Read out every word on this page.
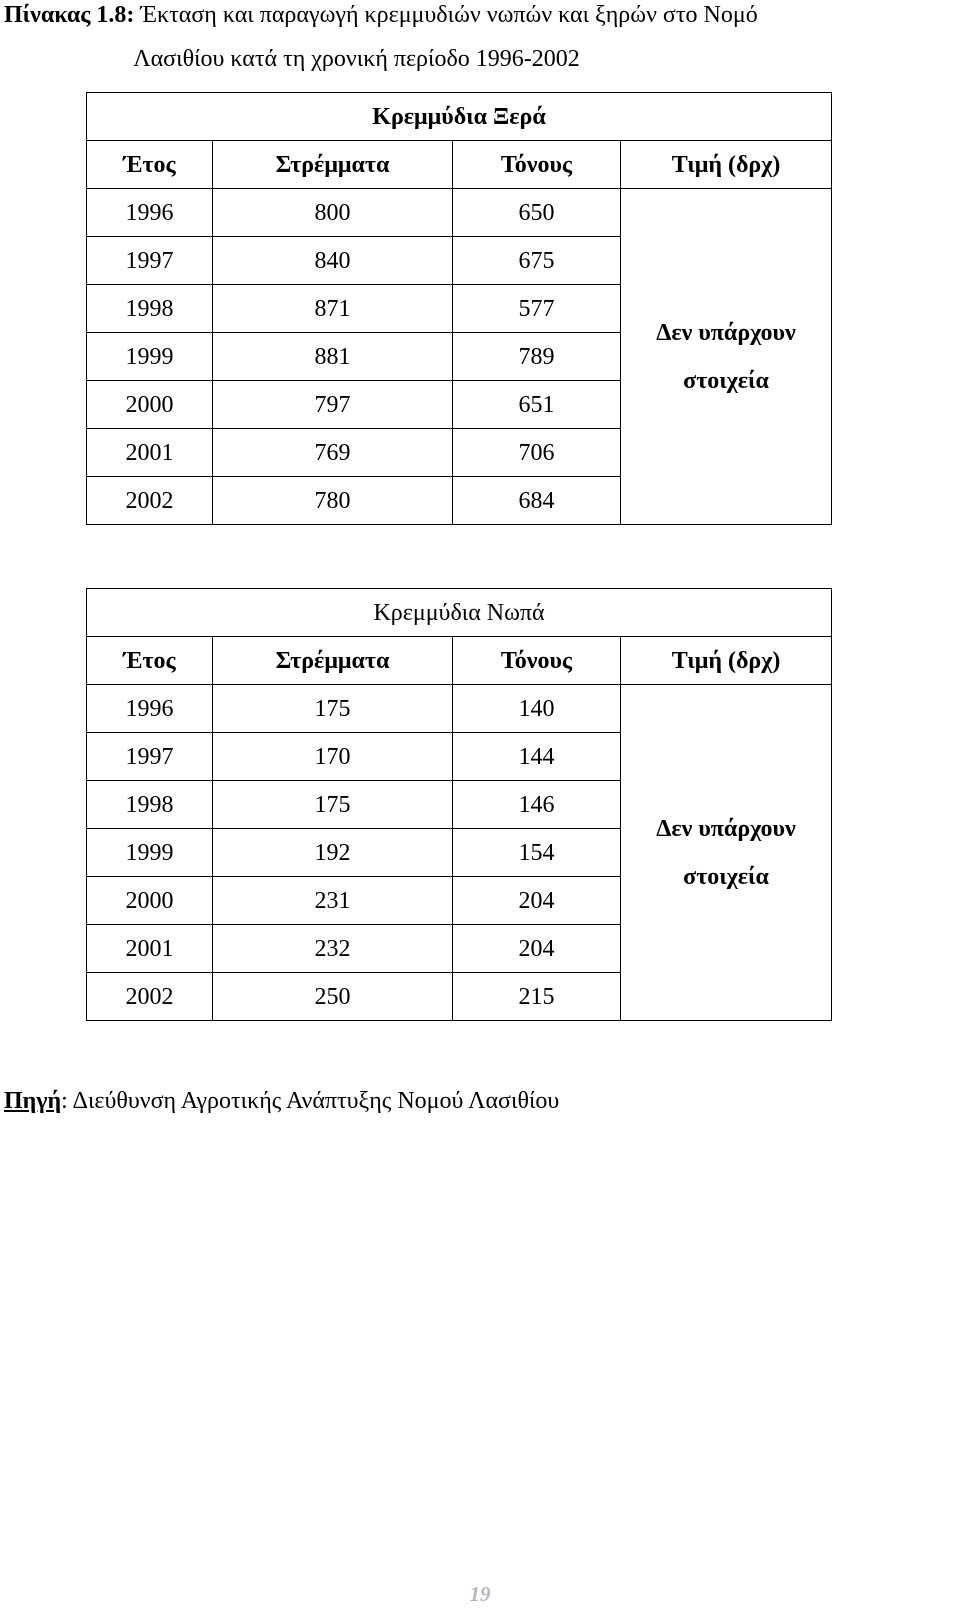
Πίνακας 1.8: Έκταση και παραγωγή κρεμμυδιών νωπών και ξηρών στο Νομό
Λασιθίου κατά τη χρονική περίοδο 1996-2002
Κρεμμύδια Ξερά			
Έτος	Στρέμματα	Τόνους	Τιμή (δρχ)
1996	800	650	Δεν υπάρχουν
στοιχεία
1997	840	675	
1998	871	577	
1999	881	789	
2000	797	651	
2001	769	706	
2002	780	684	
Κρεμμύδια Νωπά			
Έτος	Στρέμματα	Τόνους	Τιμή (δρχ)
1996	175	140	Δεν υπάρχουν
στοιχεία
1997	170	144	
1998	175	146	
1999	192	154	
2000	231	204	
2001	232	204	
2002	250	215	
Πηγή: Διεύθυνση Αγροτικής Ανάπτυξης Νομού Λασιθίου
19
